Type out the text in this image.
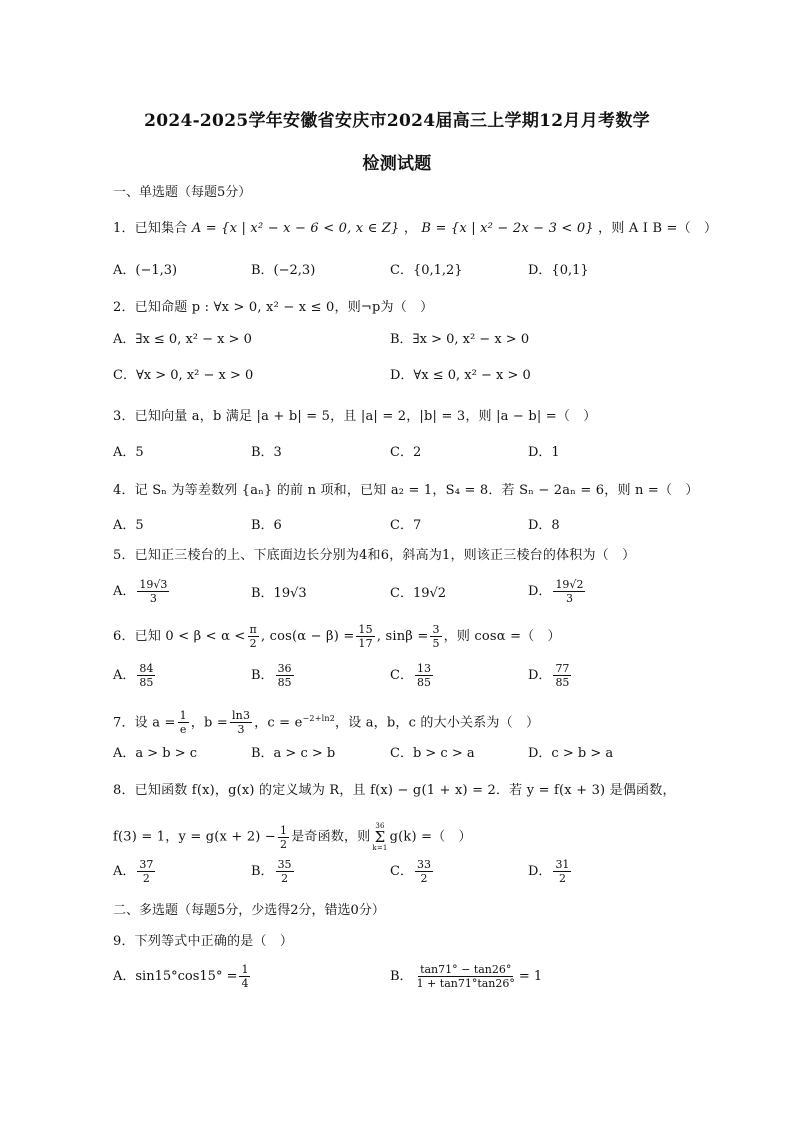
2024-2025学年安徽省安庆市2024届高三上学期12月月考数学
检测试题
一、单选题（每题5分）
1．已知集合 A = {x | x² − x − 6 < 0, x ∈ Z} ， B = {x | x² − 2x − 3 < 0} ，则 A I B =（　）
A．(−1,3)	B．(−2,3)	C．{0,1,2}	D．{0,1}
2．已知命题 p : ∀x > 0, x² − x ≤ 0，则¬p为（　）
A．∃x ≤ 0, x² − x > 0	B．∃x > 0, x² − x > 0
C．∀x > 0, x² − x > 0	D．∀x ≤ 0, x² − x > 0
3．已知向量 a，b 满足 |a + b| = 5，且 |a| = 2，|b| = 3，则 |a − b| =（　）
A．5	B．3	C．2	D．1
4．记 Sₙ 为等差数列 {aₙ} 的前 n 项和，已知 a₂ = 1，S₄ = 8．若 Sₙ − 2aₙ = 6，则 n =（　）
A．5	B．6	C．7	D．8
5．已知正三棱台的上、下底面边长分别为4和6，斜高为1，则该正三棱台的体积为（　）
A． $\frac{19√3}{3}$	B．19√3	C．19√2	D． $\frac{19√2}{3}$
6．已知 $0 < \beta < \alpha < \frac{\pi}{2}$ , $\cos(\alpha - \beta) = \frac{15}{17}$ , $\sin\beta = \frac{3}{5}$ ，则 cosα =（　）
A． $\frac{84}{85}$	B． $\frac{36}{85}$	C． $\frac{13}{85}$	D． $\frac{77}{85}$
7．设 $a = \frac{1}{e}$ ，$b = \frac{\ln 3}{3}$ ，$c = e^{-2+ln2}$，设 a，b，c 的大小关系为（　）
A．a > b > c	B．a > c > b	C．b > c > a	D．c > b > a
8．已知函数 f(x)，g(x) 的定义域为 R，且 f(x) − g(1 + x) = 2．若 y = f(x + 3) 是偶函数，
f(3) = 1，$y = g(x + 2) - \frac{1}{2}$ 是奇函数，则
36
Σ
k=1
g(k) =（　）
A． $\frac{37}{2}$	B． $\frac{35}{2}$	C． $\frac{33}{2}$	D． $\frac{31}{2}$
二、多选题（每题5分，少选得2分，错选0分）
9．下列等式中正确的是（　）
A．$\sin 15^\circ\cos 15^\circ = \frac{1}{4}$	B． $\frac{\tan 71^\circ - \tan 26^\circ}{1 + \tan 71^\circ\tan 26^\circ} = 1$
